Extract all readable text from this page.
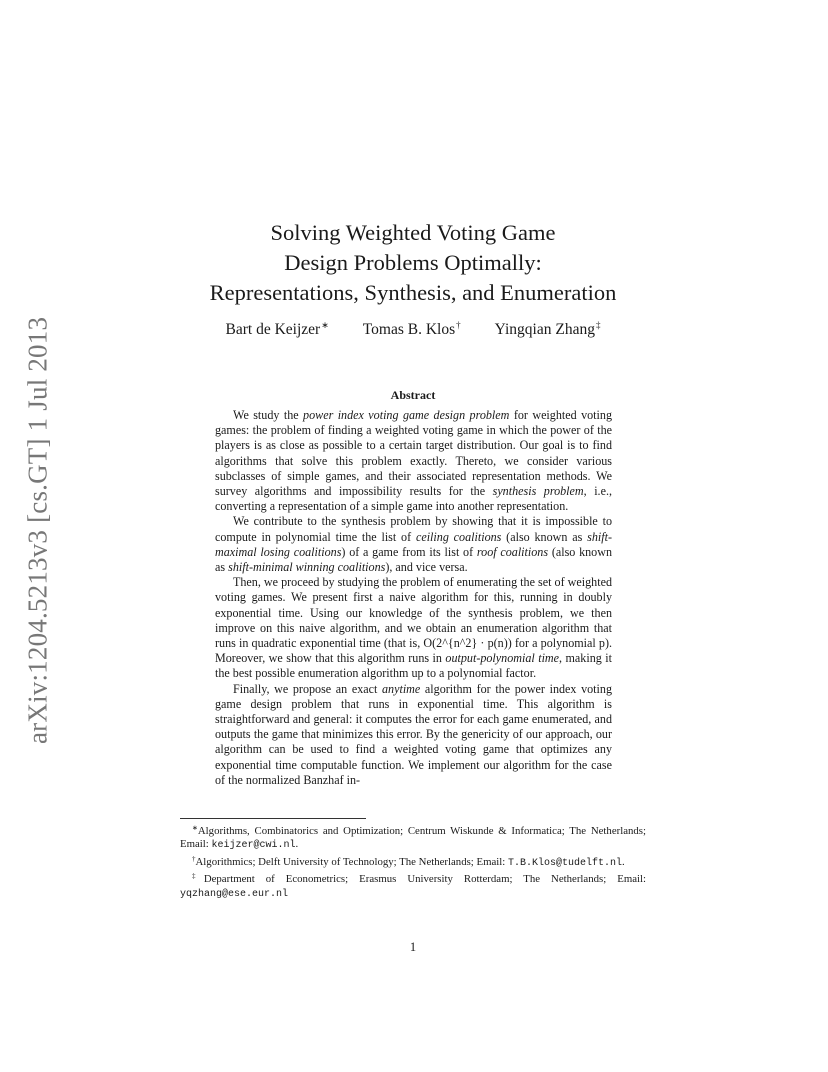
arXiv:1204.5213v3 [cs.GT] 1 Jul 2013
Solving Weighted Voting Game
Design Problems Optimally:
Representations, Synthesis, and Enumeration
Bart de Keijzer∗ Tomas B. Klos† Yingqian Zhang‡
Abstract

We study the power index voting game design problem for weighted voting games: the problem of finding a weighted voting game in which the power of the players is as close as possible to a certain target distribution. Our goal is to find algorithms that solve this problem exactly. Thereto, we consider various subclasses of simple games, and their associated representation methods. We survey algorithms and impossibility results for the synthesis problem, i.e., converting a representation of a simple game into another representation.

We contribute to the synthesis problem by showing that it is impossible to compute in polynomial time the list of ceiling coalitions (also known as shift-maximal losing coalitions) of a game from its list of roof coalitions (also known as shift-minimal winning coalitions), and vice versa.

Then, we proceed by studying the problem of enumerating the set of weighted voting games. We present first a naive algorithm for this, running in doubly exponential time. Using our knowledge of the synthesis problem, we then improve on this naive algorithm, and we obtain an enumeration algorithm that runs in quadratic exponential time (that is, O(2^{n^2} · p(n)) for a polynomial p). Moreover, we show that this algorithm runs in output-polynomial time, making it the best possible enumeration algorithm up to a polynomial factor.

Finally, we propose an exact anytime algorithm for the power index voting game design problem that runs in exponential time. This algorithm is straightforward and general: it computes the error for each game enumerated, and outputs the game that minimizes this error. By the genericity of our approach, our algorithm can be used to find a weighted voting game that optimizes any exponential time computable function. We implement our algorithm for the case of the normalized Banzhaf in-

∗Algorithms, Combinatorics and Optimization; Centrum Wiskunde & Informatica; The Netherlands; Email: keijzer@cwi.nl.

†Algorithmics; Delft University of Technology; The Netherlands; Email: T.B.Klos@tudelft.nl.

‡Department of Econometrics; Erasmus University Rotterdam; The Netherlands; Email: yqzhang@ese.eur.nl

1
